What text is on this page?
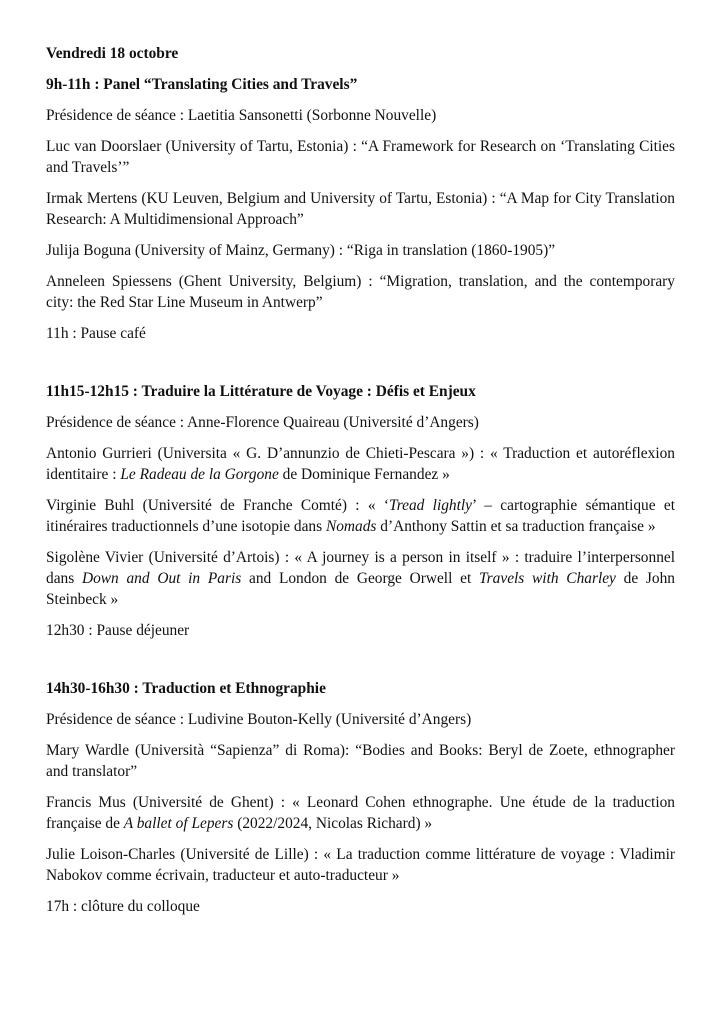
Vendredi 18 octobre
9h-11h : Panel “Translating Cities and Travels”
Présidence de séance : Laetitia Sansonetti (Sorbonne Nouvelle)
Luc van Doorslaer (University of Tartu, Estonia) : “A Framework for Research on ‘Translating Cities and Travels’”
Irmak Mertens (KU Leuven, Belgium and University of Tartu, Estonia) : “A Map for City Translation Research: A Multidimensional Approach”
Julija Boguna (University of Mainz, Germany) : “Riga in translation (1860-1905)”
Anneleen Spiessens (Ghent University, Belgium) : “Migration, translation, and the contemporary city: the Red Star Line Museum in Antwerp”
11h : Pause café
11h15-12h15 : Traduire la Littérature de Voyage : Défis et Enjeux
Présidence de séance : Anne-Florence Quaireau (Université d’Angers)
Antonio Gurrieri (Universita « G. D’annunzio de Chieti-Pescara ») : « Traduction et autoréflexion identitaire : Le Radeau de la Gorgone de Dominique Fernandez »
Virginie Buhl (Université de Franche Comté) : « ‘Tread lightly’ – cartographie sémantique et itinéraires traductionnels d’une isotopie dans Nomads d’Anthony Sattin et sa traduction française »
Sigolène Vivier (Université d’Artois) : « A journey is a person in itself » : traduire l’interpersonnel dans Down and Out in Paris and London de George Orwell et Travels with Charley de John Steinbeck »
12h30 : Pause déjeuner
14h30-16h30 : Traduction et Ethnographie
Présidence de séance : Ludivine Bouton-Kelly (Université d’Angers)
Mary Wardle (Università “Sapienza” di Roma): “Bodies and Books: Beryl de Zoete, ethnographer and translator”
Francis Mus (Université de Ghent) : « Leonard Cohen ethnographe. Une étude de la traduction française de A ballet of Lepers (2022/2024, Nicolas Richard) »
Julie Loison-Charles (Université de Lille) : « La traduction comme littérature de voyage : Vladimir Nabokov comme écrivain, traducteur et auto-traducteur »
17h : clôture du colloque
